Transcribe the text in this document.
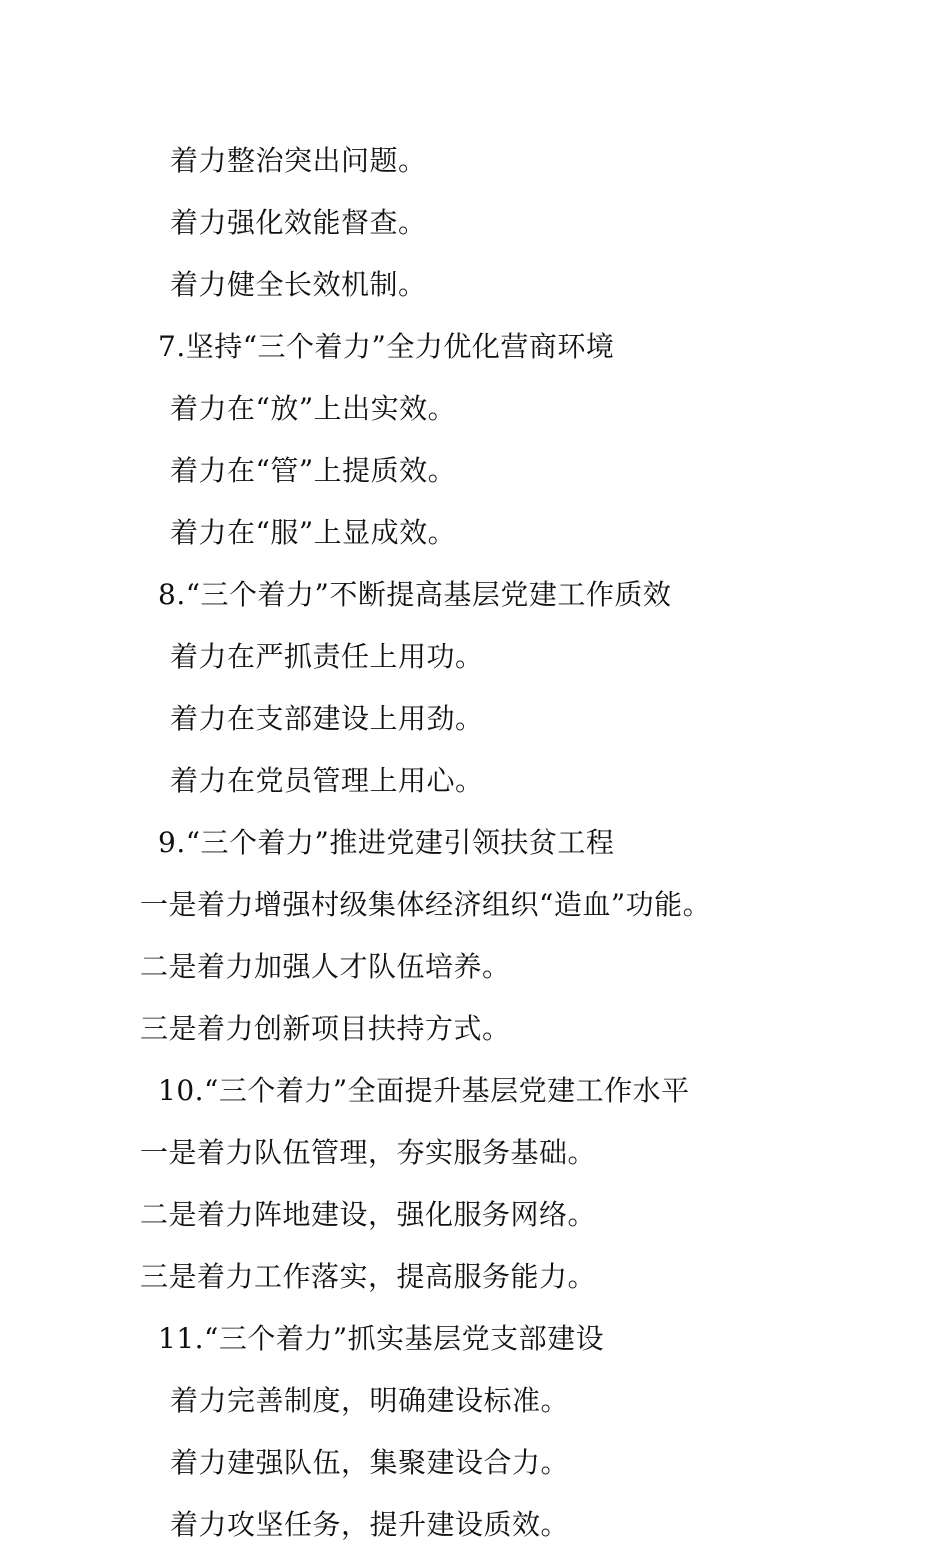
着力整治突出问题。
着力强化效能督查。
着力健全长效机制。
7.坚持“三个着力”全力优化营商环境
着力在“放”上出实效。
着力在“管”上提质效。
着力在“服”上显成效。
8.“三个着力”不断提高基层党建工作质效
着力在严抓责任上用功。
着力在支部建设上用劲。
着力在党员管理上用心。
9.“三个着力”推进党建引领扶贫工程
一是着力增强村级集体经济组织“造血”功能。
二是着力加强人才队伍培养。
三是着力创新项目扶持方式。
10.“三个着力”全面提升基层党建工作水平
一是着力队伍管理，夯实服务基础。
二是着力阵地建设，强化服务网络。
三是着力工作落实，提高服务能力。
11.“三个着力”抓实基层党支部建设
着力完善制度，明确建设标准。
着力建强队伍，集聚建设合力。
着力攻坚任务，提升建设质效。
